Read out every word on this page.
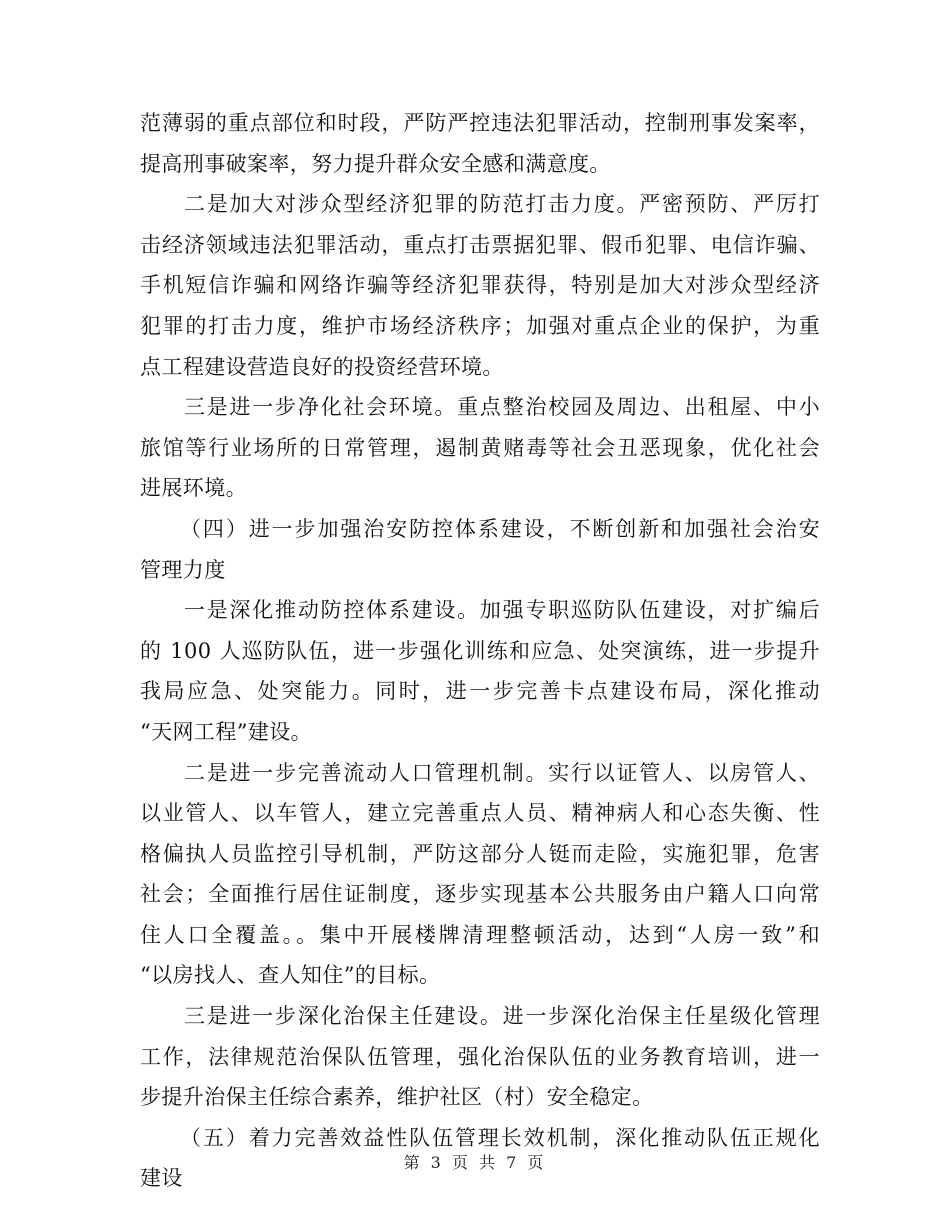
范薄弱的重点部位和时段，严防严控违法犯罪活动，控制刑事发案率，
提高刑事破案率，努力提升群众安全感和满意度。
二是加大对涉众型经济犯罪的防范打击力度。严密预防、严厉打
击经济领域违法犯罪活动，重点打击票据犯罪、假币犯罪、电信诈骗、
手机短信诈骗和网络诈骗等经济犯罪获得，特别是加大对涉众型经济
犯罪的打击力度，维护市场经济秩序；加强对重点企业的保护，为重
点工程建设营造良好的投资经营环境。
三是进一步净化社会环境。重点整治校园及周边、出租屋、中小
旅馆等行业场所的日常管理，遏制黄赌毒等社会丑恶现象，优化社会
进展环境。
（四）进一步加强治安防控体系建设，不断创新和加强社会治安
管理力度
一是深化推动防控体系建设。加强专职巡防队伍建设，对扩编后
的 100 人巡防队伍，进一步强化训练和应急、处突演练，进一步提升
我局应急、处突能力。同时，进一步完善卡点建设布局，深化推动
“天网工程”建设。
二是进一步完善流动人口管理机制。实行以证管人、以房管人、
以业管人、以车管人，建立完善重点人员、精神病人和心态失衡、性
格偏执人员监控引导机制，严防这部分人铤而走险，实施犯罪，危害
社会；全面推行居住证制度，逐步实现基本公共服务由户籍人口向常
住人口全覆盖。。集中开展楼牌清理整顿活动，达到“人房一致”和
“以房找人、查人知住”的目标。
三是进一步深化治保主任建设。进一步深化治保主任星级化管理
工作，法律规范治保队伍管理，强化治保队伍的业务教育培训，进一
步提升治保主任综合素养，维护社区（村）安全稳定。
（五）着力完善效益性队伍管理长效机制，深化推动队伍正规化
建设
第 3 页 共 7 页
